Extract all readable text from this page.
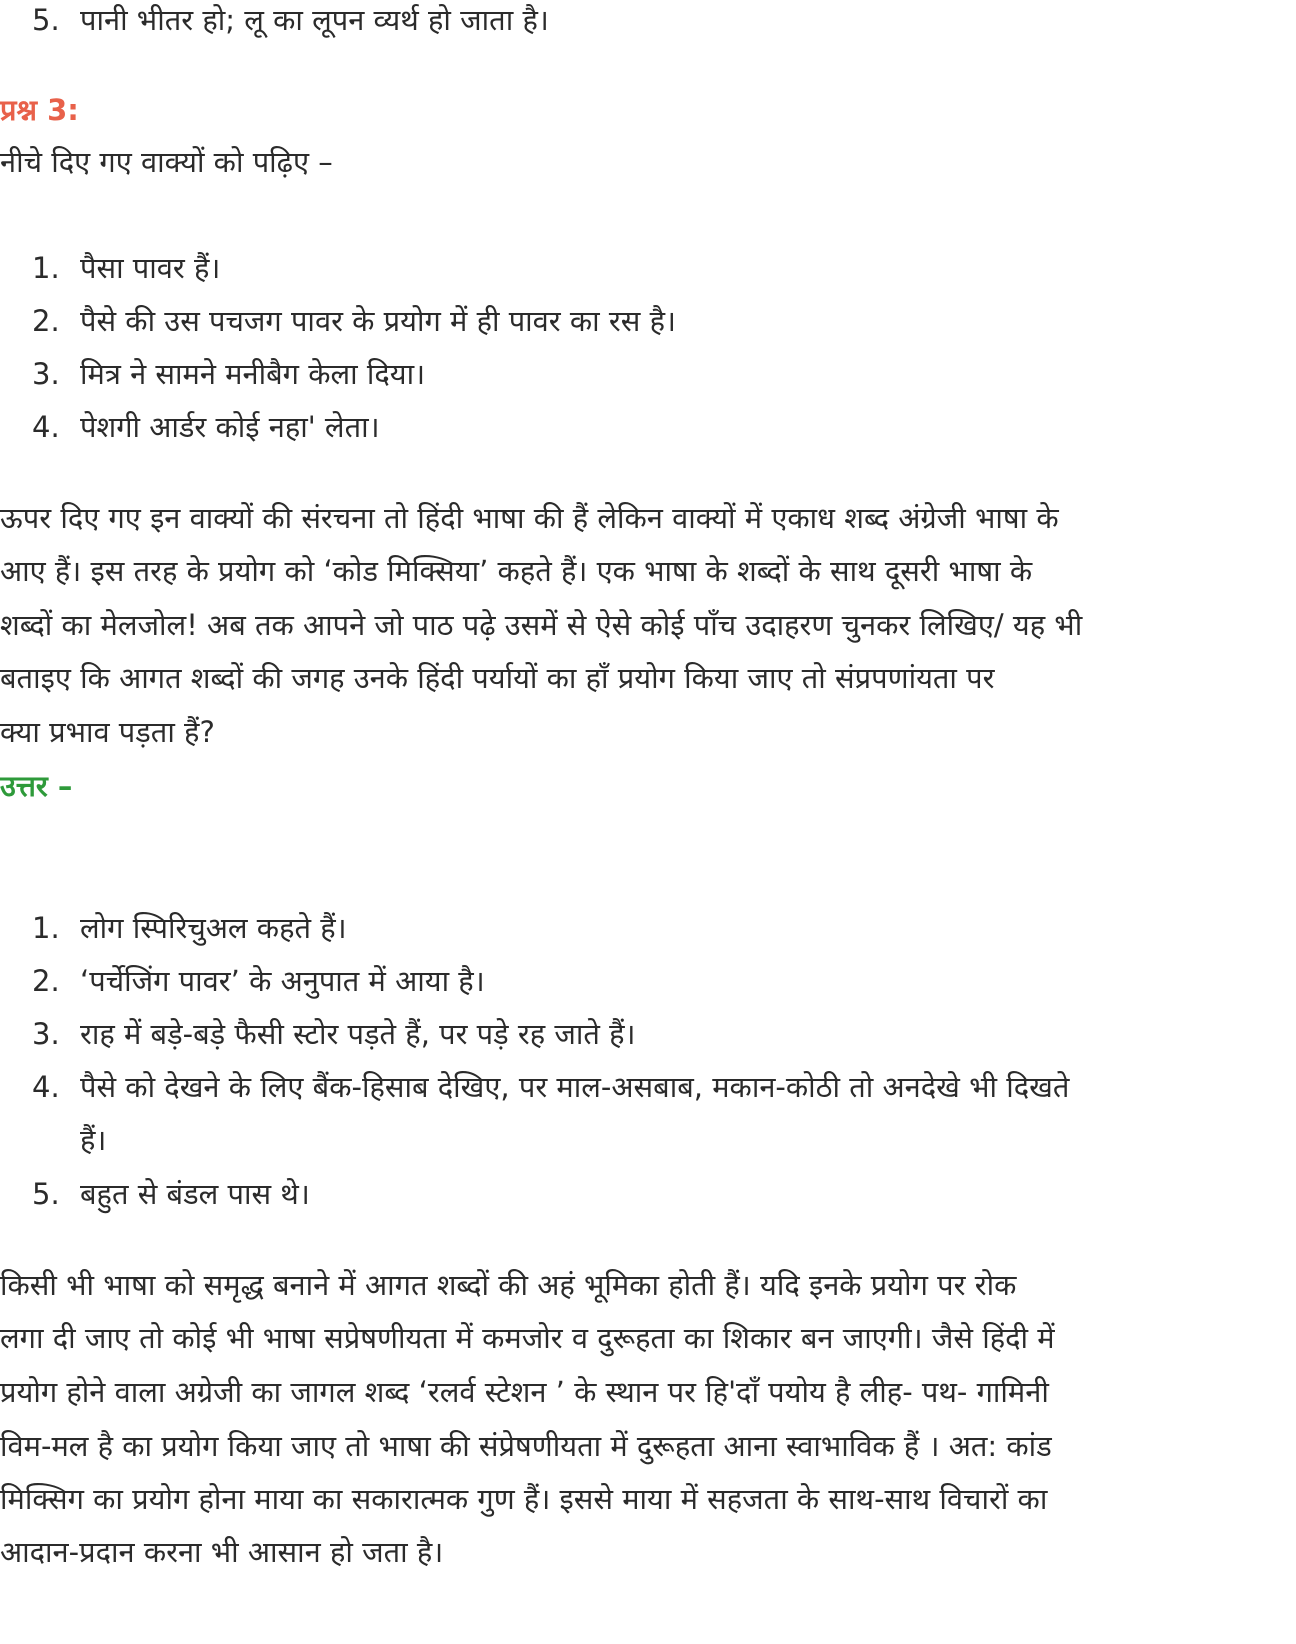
5. पानी भीतर हो; लू का लूपन व्यर्थ हो जाता है।
प्रश्न 3:
नीचे दिए गए वाक्यों को पढ़िए –
1. पैसा पावर हैं।
2. पैसे की उस पचजग पावर के प्रयोग में ही पावर का रस है।
3. मित्र ने सामने मनीबैग केला दिया।
4. पेशगी आर्डर कोई नहा' लेता।
ऊपर दिए गए इन वाक्यों की संरचना तो हिंदी भाषा की हैं लेकिन वाक्यों में एकाध शब्द अंग्रेजी भाषा के
आए हैं। इस तरह के प्रयोग को ‘कोड मिक्सिया’ कहते हैं। एक भाषा के शब्दों के साथ दूसरी भाषा के
शब्दों का मेलजोल! अब तक आपने जो पाठ पढ़े उसमें से ऐसे कोई पाँच उदाहरण चुनकर लिखिए/ यह भी
बताइए कि आगत शब्दों की जगह उनके हिंदी पर्यायों का हाँ प्रयोग किया जाए तो संप्रपणांयता पर
क्या प्रभाव पड़ता हैं?
उत्तर –
1. लोग स्पिरिचुअल कहते हैं।
2. ‘पर्चेजिंग पावर’ के अनुपात में आया है।
3. राह में बड़े-बड़े फैसी स्टोर पड़ते हैं, पर पड़े रह जाते हैं।
4. पैसे को देखने के लिए बैंक-हिसाब देखिए, पर माल-असबाब, मकान-कोठी तो अनदेखे भी दिखते
हैं।
5. बहुत से बंडल पास थे।
किसी भी भाषा को समृद्ध बनाने में आगत शब्दों की अहं भूमिका होती हैं। यदि इनके प्रयोग पर रोक
लगा दी जाए तो कोई भी भाषा सप्रेषणीयता में कमजोर व दुरूहता का शिकार बन जाएगी। जैसे हिंदी में
प्रयोग होने वाला अग्रेजी का जागल शब्द ‘रलर्व स्टेशन ’ के स्थान पर हि'दाँ पयोय है लीह- पथ- गामिनी
विम-मल है का प्रयोग किया जाए तो भाषा की संप्रेषणीयता में दुरूहता आना स्वाभाविक हैं । अत: कांड
मिक्सिग का प्रयोग होना माया का सकारात्मक गुण हैं। इससे माया में सहजता के साथ-साथ विचारों का
आदान-प्रदान करना भी आसान हो जता है।
